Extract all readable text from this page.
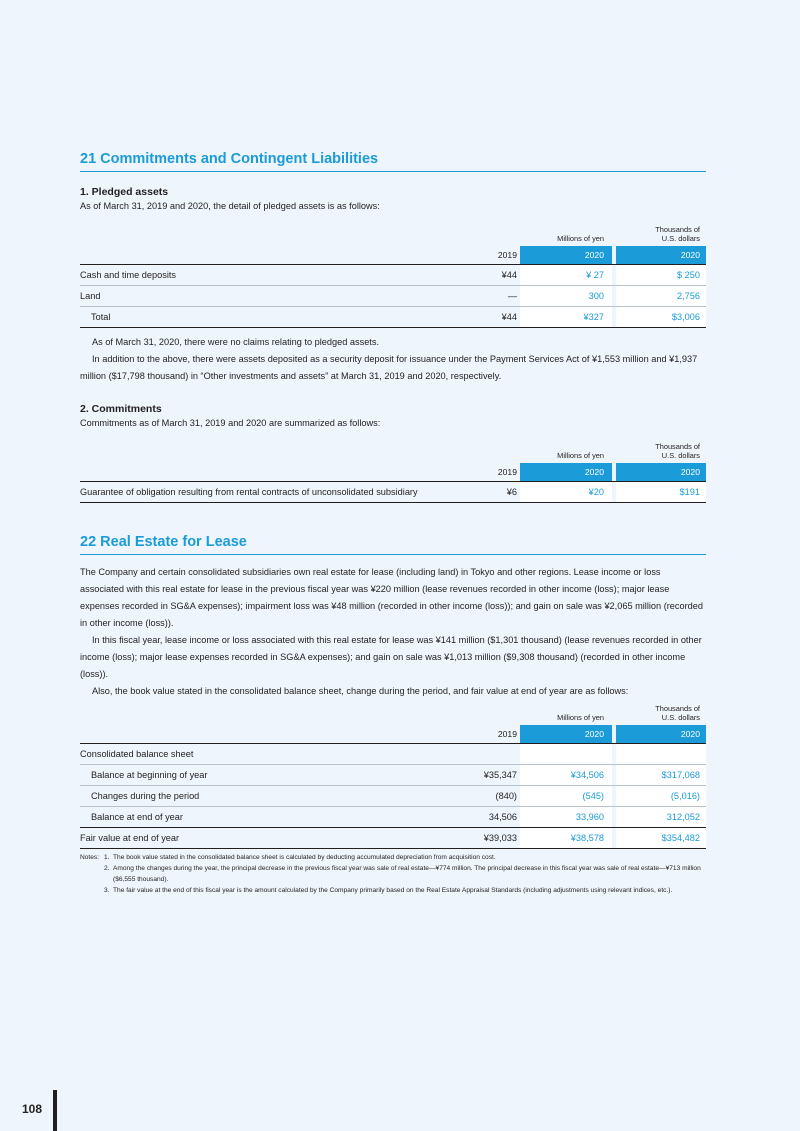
21 Commitments and Contingent Liabilities

1. Pledged assets

As of March 31, 2019 and 2020, the detail of pledged assets is as follows:

		Millions of yen		Thousands of
U.S. dollars

	2019	2020		2020
Cash and time deposits	¥44	¥ 27		$ 250
Land	—	300		2,756
Total	¥44	¥327		$3,006

As of March 31, 2020, there were no claims relating to pledged assets.

In addition to the above, there were assets deposited as a security deposit for issuance under the Payment Services Act of ¥1,553 million and ¥1,937 million ($17,798 thousand) in “Other investments and assets” at March 31, 2019 and 2020, respectively.

2. Commitments

Commitments as of March 31, 2019 and 2020 are summarized as follows:

		Millions of yen		Thousands of
U.S. dollars

	2019	2020		2020
Guarantee of obligation resulting from rental contracts of unconsolidated subsidiary	¥6	¥20		$191
22 Real Estate for Lease

The Company and certain consolidated subsidiaries own real estate for lease (including land) in Tokyo and other regions. Lease income or loss associated with this real estate for lease in the previous fiscal year was ¥220 million (lease revenues recorded in other income (loss); major lease expenses recorded in SG&A expenses); impairment loss was ¥48 million (recorded in other income (loss)); and gain on sale was ¥2,065 million (recorded in other income (loss)).

In this fiscal year, lease income or loss associated with this real estate for lease was ¥141 million ($1,301 thousand) (lease revenues recorded in other income (loss); major lease expenses recorded in SG&A expenses); and gain on sale was ¥1,013 million ($9,308 thousand) (recorded in other income (loss)).

Also, the book value stated in the consolidated balance sheet, change during the period, and fair value at end of year are as follows:

		Millions of yen		Thousands of
U.S. dollars

	2019	2020		2020
Consolidated balance sheet				
Balance at beginning of year	¥35,347	¥34,506		$317,068
Changes during the period	(840)	(545)		(5,016)
Balance at end of year	34,506	33,960		312,052
Fair value at end of year	¥39,033	¥38,578		$354,482
Notes: 1. The book value stated in the consolidated balance sheet is calculated by deducting accumulated depreciation from acquisition cost.
2. Among the changes during the year, the principal decrease in the previous fiscal year was sale of real estate—¥774 million. The principal decrease in this fiscal year was sale of real estate—¥713 million ($6,555 thousand).
3. The fair value at the end of this fiscal year is the amount calculated by the Company primarily based on the Real Estate Appraisal Standards (including adjustments using relevant indices, etc.).
108
